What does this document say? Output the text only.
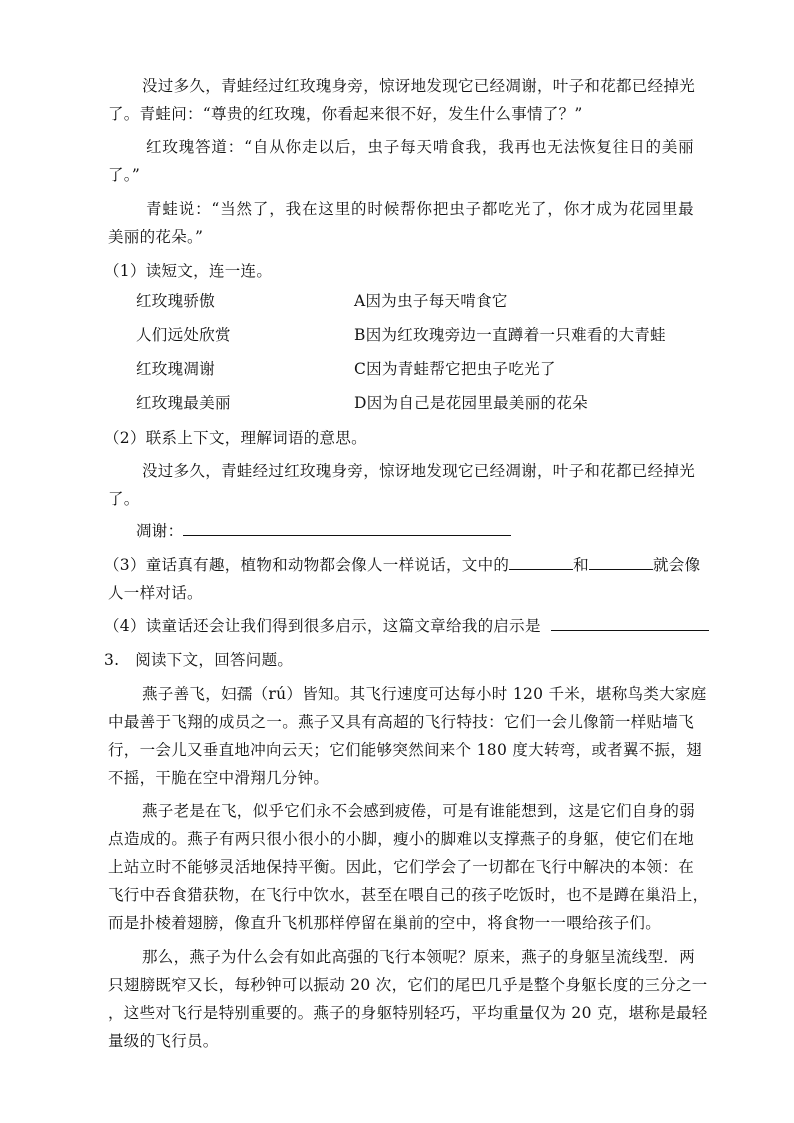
没过多久，青蛙经过红玫瑰身旁，惊讶地发现它已经凋谢，叶子和花都已经掉光
了。青蛙问：“尊贵的红玫瑰，你看起来很不好，发生什么事情了？”
红玫瑰答道：“自从你走以后，虫子每天啃食我，我再也无法恢复往日的美丽
了。”
青蛙说：“当然了，我在这里的时候帮你把虫子都吃光了，你才成为花园里最
美丽的花朵。”
（1）读短文，连一连。
红玫瑰骄傲	A因为虫子每天啃食它
人们远处欣赏	B因为红玫瑰旁边一直蹲着一只难看的大青蛙
红玫瑰凋谢	C因为青蛙帮它把虫子吃光了
红玫瑰最美丽	D因为自己是花园里最美丽的花朵
（2）联系上下文，理解词语的意思。
没过多久，青蛙经过红玫瑰身旁，惊讶地发现它已经凋谢，叶子和花都已经掉光
了。
凋谢：
（3）童话真有趣，植物和动物都会像人一样说话，文中的	和	就会像
人一样对话。
（4）读童话还会让我们得到很多启示，这篇文章给我的启示是
3.　阅读下文，回答问题。
燕子善飞，妇孺（rú）皆知。其飞行速度可达每小时 120 千米，堪称鸟类大家庭
中最善于飞翔的成员之一。燕子又具有高超的飞行特技：它们一会儿像箭一样贴墙飞
行，一会儿又垂直地冲向云天；它们能够突然间来个 180 度大转弯，或者翼不振，翅
不摇，干脆在空中滑翔几分钟。
燕子老是在飞，似乎它们永不会感到疲倦，可是有谁能想到，这是它们自身的弱
点造成的。燕子有两只很小很小的小脚，瘦小的脚难以支撑燕子的身躯，使它们在地
上站立时不能够灵活地保持平衡。因此，它们学会了一切都在飞行中解决的本领：在
飞行中吞食猎获物，在飞行中饮水，甚至在喂自己的孩子吃饭时，也不是蹲在巢沿上，
而是扑棱着翅膀，像直升飞机那样停留在巢前的空中，将食物一一喂给孩子们。
那么，燕子为什么会有如此高强的飞行本领呢？原来，燕子的身躯呈流线型．两
只翅膀既窄又长，每秒钟可以振动 20 次，它们的尾巴几乎是整个身躯长度的三分之一
，这些对飞行是特别重要的。燕子的身躯特别轻巧，平均重量仅为 20 克，堪称是最轻
量级的飞行员。
